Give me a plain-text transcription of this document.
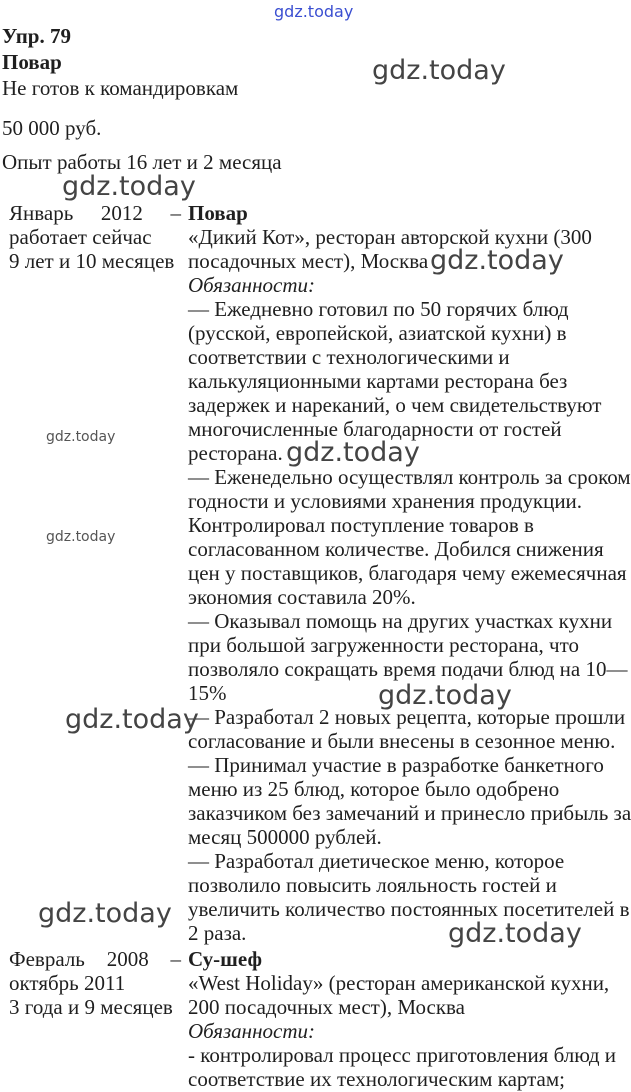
gdz.today
Упр. 79
Повар
Не готов к командировкам
50 000 руб.
Опыт работы 16 лет и 2 месяца
Январь 2012 –
работает сейчас
9 лет и 10 месяцев
Повар
«Дикий Кот», ресторан авторской кухни (300
посадочных мест), Москва
Обязанности:
— Ежедневно готовил по 50 горячих блюд
(русской, европейской, азиатской кухни) в
соответствии с технологическими и
калькуляционными картами ресторана без
задержек и нареканий, о чем свидетельствуют
многочисленные благодарности от гостей
ресторана.
— Еженедельно осуществлял контроль за сроком
годности и условиями хранения продукции.
Контролировал поступление товаров в
согласованном количестве. Добился снижения
цен у поставщиков, благодаря чему ежемесячная
экономия составила 20%.
— Оказывал помощь на других участках кухни
при большой загруженности ресторана, что
позволяло сокращать время подачи блюд на 10—
15%
— Разработал 2 новых рецепта, которые прошли
согласование и были внесены в сезонное меню.
— Принимал участие в разработке банкетного
меню из 25 блюд, которое было одобрено
заказчиком без замечаний и принесло прибыль за
месяц 500000 рублей.
— Разработал диетическое меню, которое
позволило повысить лояльность гостей и
увеличить количество постоянных посетителей в
2 раза.
Февраль 2008 –
октябрь 2011
3 года и 9 месяцев
Су-шеф
«West Holiday» (ресторан американской кухни,
200 посадочных мест), Москва
Обязанности:
- контролировал процесс приготовления блюд и
соответствие их технологическим картам;
gdz.today
gdz.today
gdz.today
gdz.today
gdz.today
gdz.today
gdz.today
gdz.today
gdz.today
gdz.today
